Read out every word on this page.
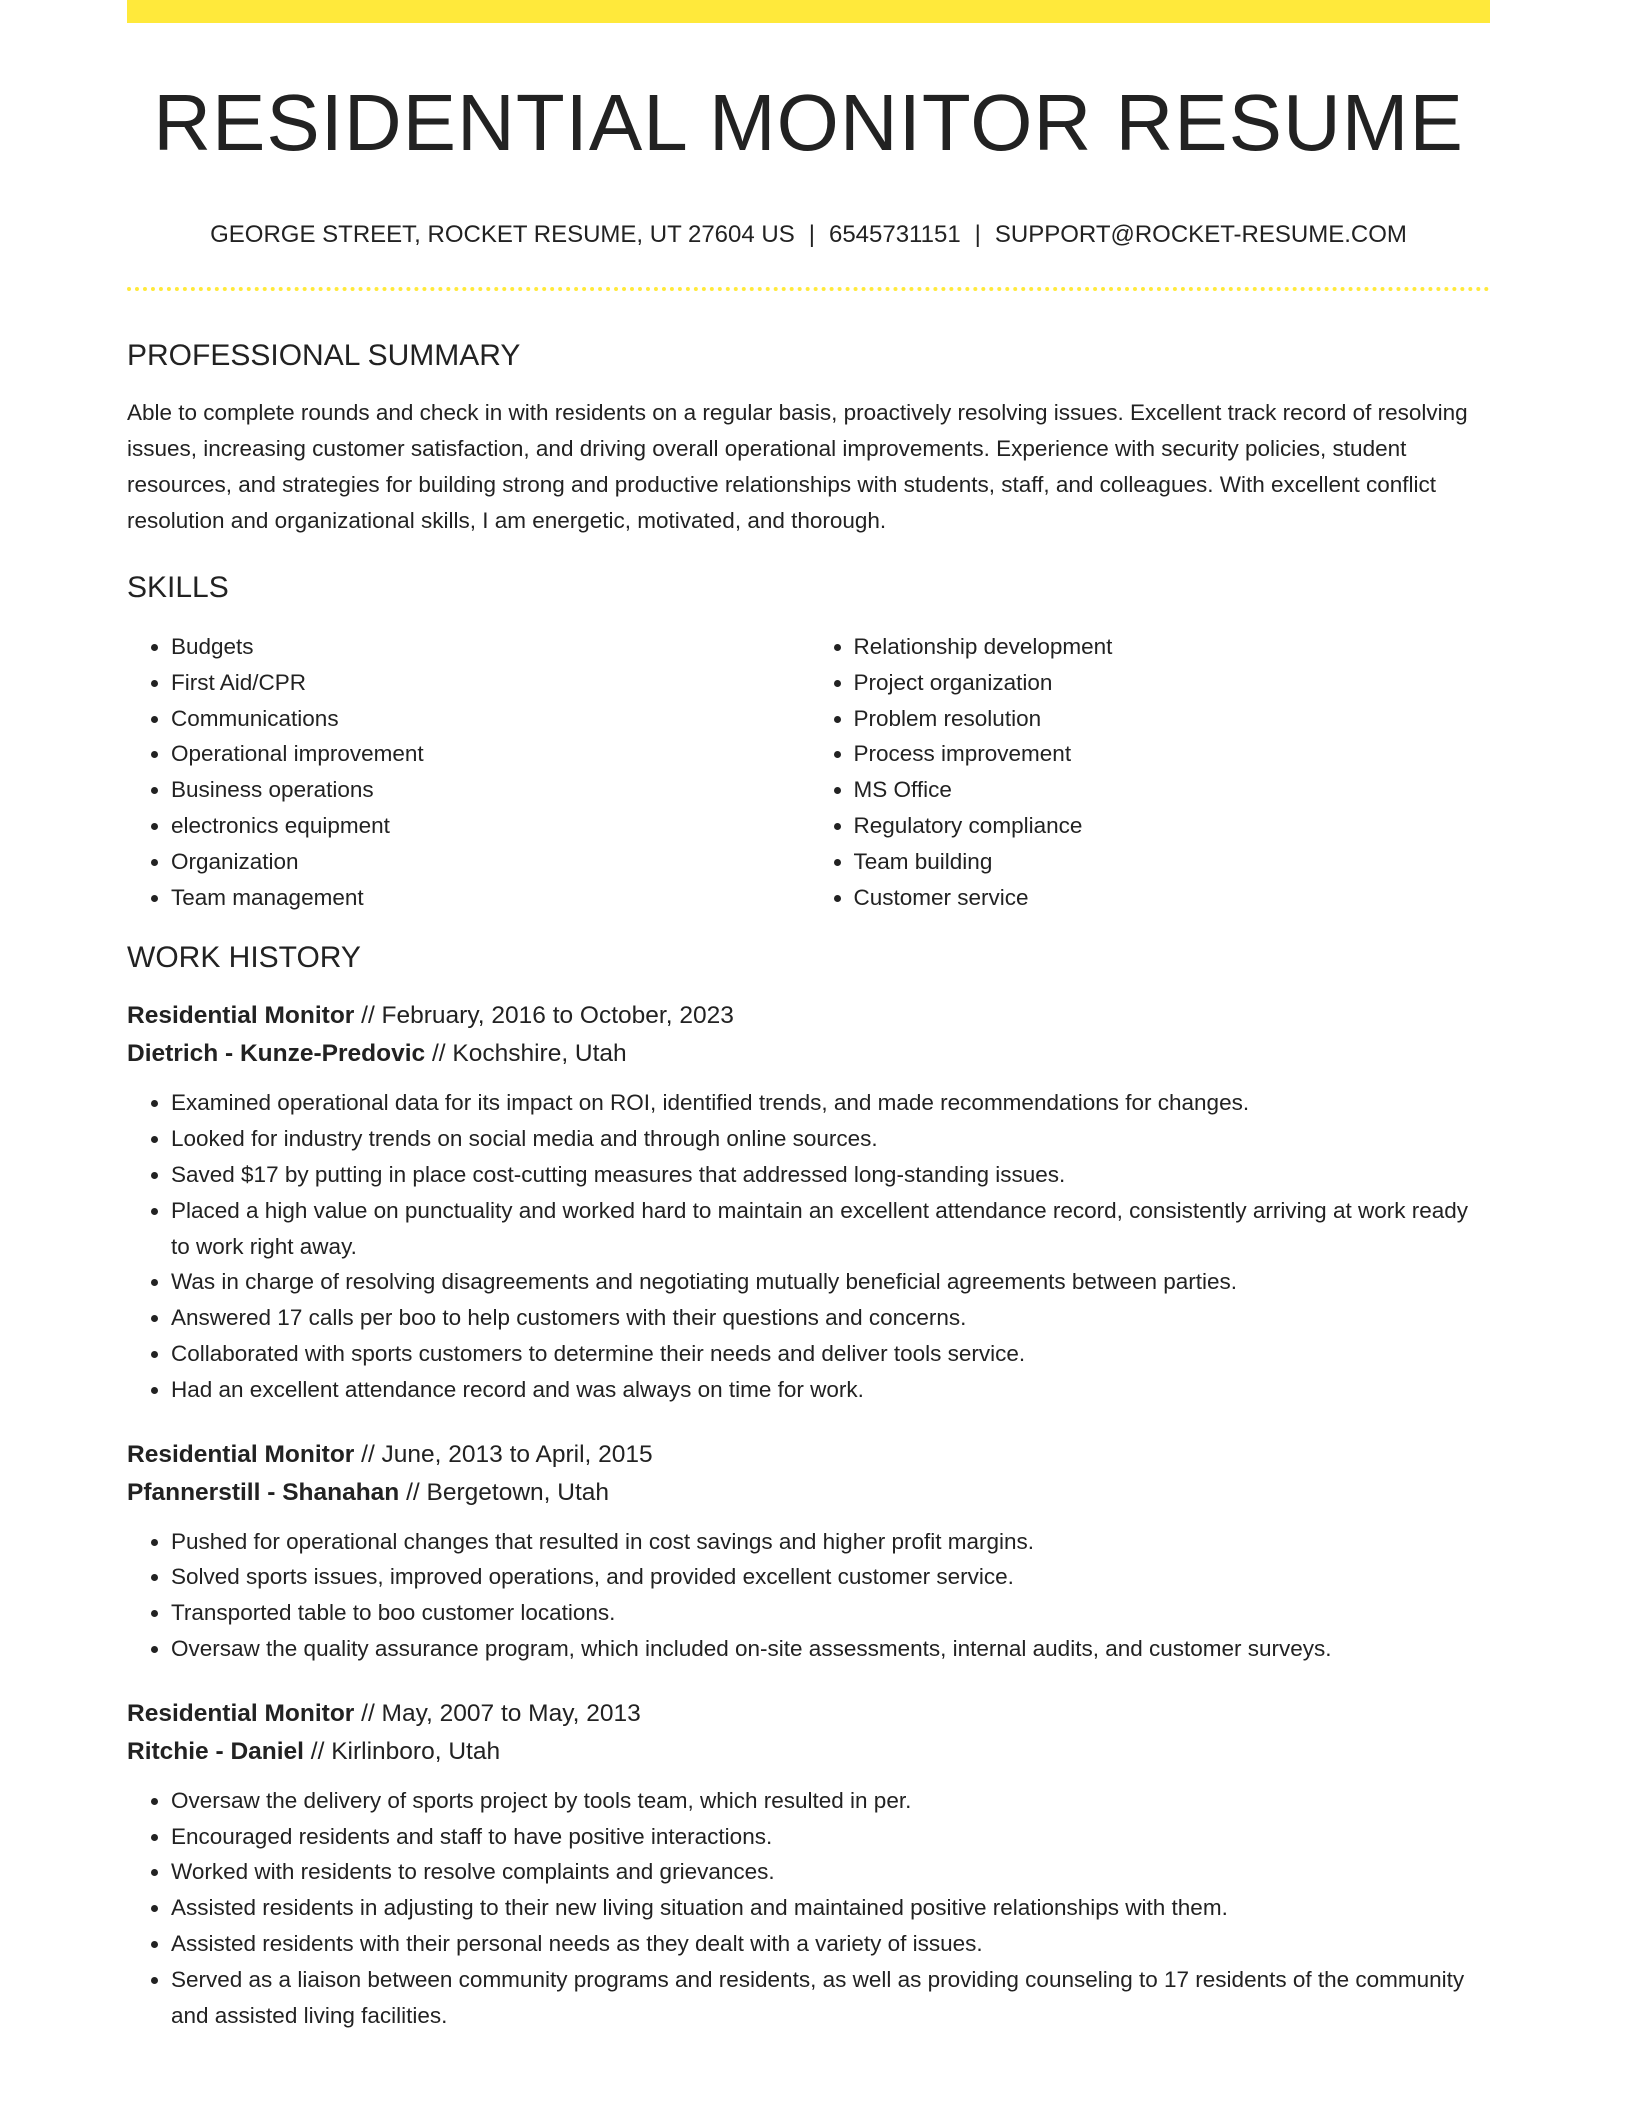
RESIDENTIAL MONITOR RESUME
GEORGE STREET, ROCKET RESUME, UT 27604 US | 6545731151 | SUPPORT@ROCKET-RESUME.COM
PROFESSIONAL SUMMARY
Able to complete rounds and check in with residents on a regular basis, proactively resolving issues. Excellent track record of resolving issues, increasing customer satisfaction, and driving overall operational improvements. Experience with security policies, student resources, and strategies for building strong and productive relationships with students, staff, and colleagues. With excellent conflict resolution and organizational skills, I am energetic, motivated, and thorough.
SKILLS
• Budgets
• First Aid/CPR
• Communications
• Operational improvement
• Business operations
• electronics equipment
• Organization
• Team management
• Relationship development
• Project organization
• Problem resolution
• Process improvement
• MS Office
• Regulatory compliance
• Team building
• Customer service
WORK HISTORY
Residential Monitor // February, 2016 to October, 2023
Dietrich - Kunze-Predovic // Kochshire, Utah
• Examined operational data for its impact on ROI, identified trends, and made recommendations for changes.
• Looked for industry trends on social media and through online sources.
• Saved $17 by putting in place cost-cutting measures that addressed long-standing issues.
• Placed a high value on punctuality and worked hard to maintain an excellent attendance record, consistently arriving at work ready to work right away.
• Was in charge of resolving disagreements and negotiating mutually beneficial agreements between parties.
• Answered 17 calls per boo to help customers with their questions and concerns.
• Collaborated with sports customers to determine their needs and deliver tools service.
• Had an excellent attendance record and was always on time for work.
Residential Monitor // June, 2013 to April, 2015
Pfannerstill - Shanahan // Bergetown, Utah
• Pushed for operational changes that resulted in cost savings and higher profit margins.
• Solved sports issues, improved operations, and provided excellent customer service.
• Transported table to boo customer locations.
• Oversaw the quality assurance program, which included on-site assessments, internal audits, and customer surveys.
Residential Monitor // May, 2007 to May, 2013
Ritchie - Daniel // Kirlinboro, Utah
• Oversaw the delivery of sports project by tools team, which resulted in per.
• Encouraged residents and staff to have positive interactions.
• Worked with residents to resolve complaints and grievances.
• Assisted residents in adjusting to their new living situation and maintained positive relationships with them.
• Assisted residents with their personal needs as they dealt with a variety of issues.
• Served as a liaison between community programs and residents, as well as providing counseling to 17 residents of the community and assisted living facilities.
